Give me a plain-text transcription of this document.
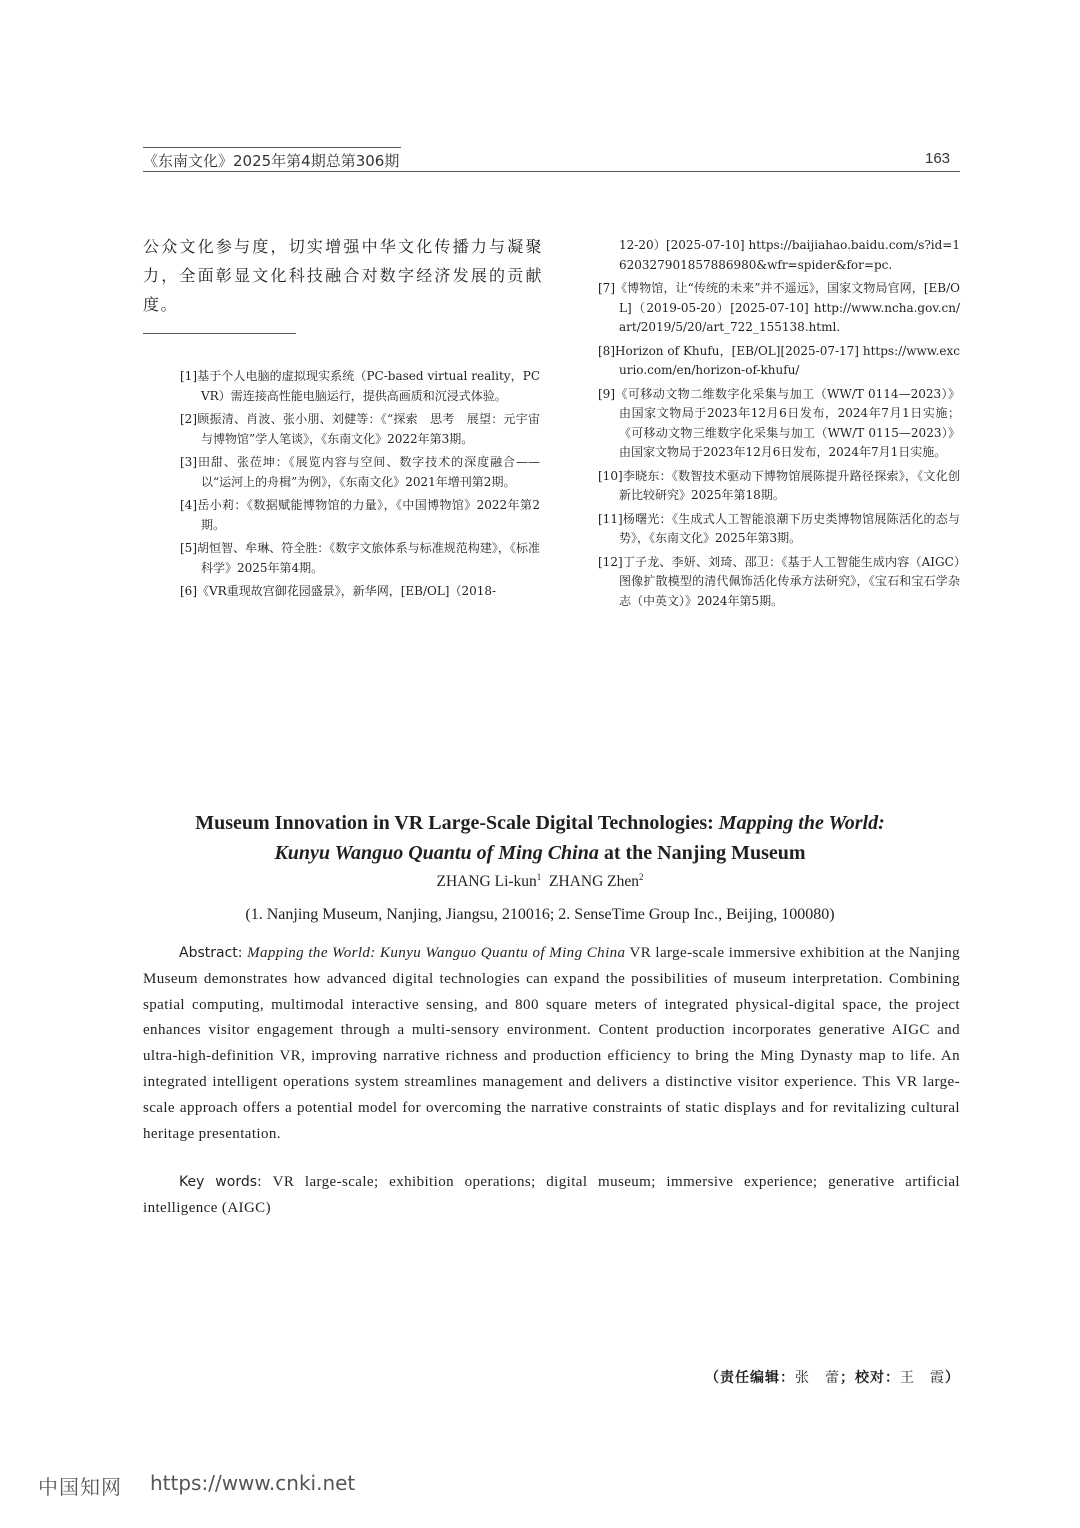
《东南文化》2025年第4期总第306期	163
公众文化参与度，切实增强中华文化传播力与凝聚力，全面彰显文化科技融合对数字经济发展的贡献度。
[1]基于个人电脑的虚拟现实系统（PC-based virtual reality，PCVR）需连接高性能电脑运行，提供高画质和沉浸式体验。
[2]顾振清、肖波、张小朋、刘健等：《“探索　思考　展望：元宇宙与博物馆”学人笔谈》，《东南文化》2022年第3期。
[3]田甜、张莅坤：《展览内容与空间、数字技术的深度融合——以“运河上的舟楫”为例》，《东南文化》2021年增刊第2期。
[4]岳小莉：《数据赋能博物馆的力量》，《中国博物馆》2022年第2期。
[5]胡恒智、牟琳、符全胜：《数字文旅体系与标准规范构建》，《标准科学》2025年第4期。
[6]《VR重现故宫御花园盛景》，新华网，[EB/OL]（2018-
12-20）[2025-07-10] https://baijiahao.baidu.com/s?id=1620327901857886980&wfr=spider&for=pc.
[7]《博物馆，让“传统的未来”并不遥远》，国家文物局官网，[EB/OL]（2019-05-20）[2025-07-10] http://www.ncha.gov.cn/art/2019/5/20/art_722_155138.html.
[8]Horizon of Khufu，[EB/OL][2025-07-17] https://www.excurio.com/en/horizon-of-khufu/
[9]《可移动文物二维数字化采集与加工（WW/T 0114—2023）》由国家文物局于2023年12月6日发布，2024年7月1日实施；《可移动文物三维数字化采集与加工（WW/T 0115—2023）》由国家文物局于2023年12月6日发布，2024年7月1日实施。
[10]李晓东：《数智技术驱动下博物馆展陈提升路径探索》，《文化创新比较研究》2025年第18期。
[11]杨曙光：《生成式人工智能浪潮下历史类博物馆展陈活化的态与势》，《东南文化》2025年第3期。
[12]丁子龙、李妍、刘琦、邵卫：《基于人工智能生成内容（AIGC）图像扩散模型的清代佩饰活化传承方法研究》，《宝石和宝石学杂志（中英文）》2024年第5期。
Museum Innovation in VR Large-Scale Digital Technologies: Mapping the World:
Kunyu Wanguo Quantu of Ming China at the Nanjing Museum
ZHANG Li-kun$^1$ ZHANG Zhen$^2$
(1. Nanjing Museum, Nanjing, Jiangsu, 210016; 2. SenseTime Group Inc., Beijing, 100080)

Abstract: Mapping the World: Kunyu Wanguo Quantu of Ming China VR large-scale immersive exhibition at the Nanjing Museum demonstrates how advanced digital technologies can expand the possibilities of museum interpretation. Combining spatial computing, multimodal interactive sensing, and 800 square meters of integrated physical-digital space, the project enhances visitor engagement through a multi-sensory environment. Content production incorporates generative AIGC and ultra-high-definition VR, improving narrative richness and production efficiency to bring the Ming Dynasty map to life. An integrated intelligent operations system streamlines management and delivers a distinctive visitor experience. This VR large-scale approach offers a potential model for overcoming the narrative constraints of static displays and for revitalizing cultural heritage presentation.

Key words: VR large-scale; exhibition operations; digital museum; immersive experience; generative artificial intelligence (AIGC)

（责任编辑：张　蕾；校对：王　霞）
中国知网 https://www.cnki.net
